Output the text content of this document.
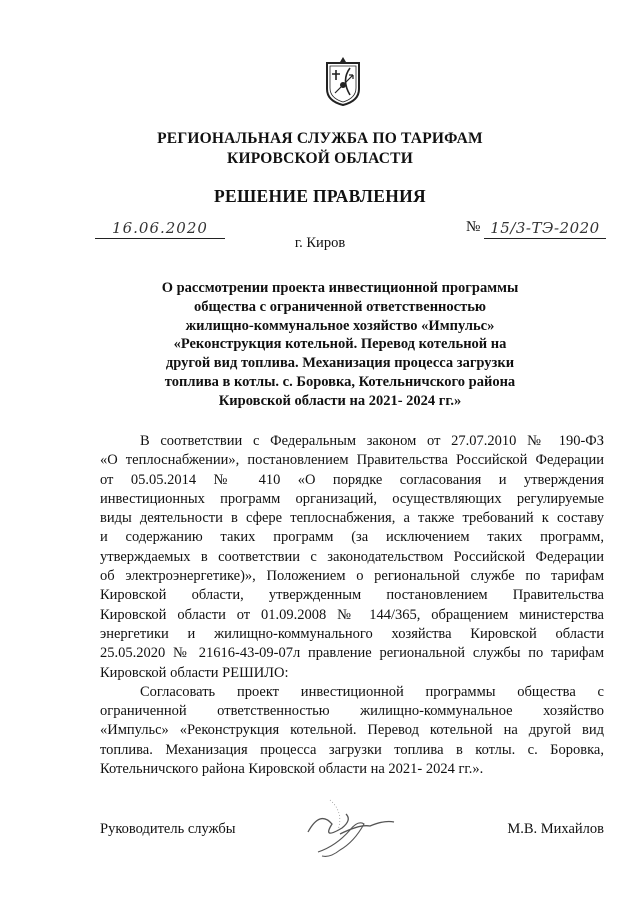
РЕГИОНАЛЬНАЯ СЛУЖБА ПО ТАРИФАМ
КИРОВСКОЙ ОБЛАСТИ
РЕШЕНИЕ ПРАВЛЕНИЯ
16.06.2020	№ 15/3-ТЭ-2020
г. Киров
О рассмотрении проекта инвестиционной программы
общества с ограниченной ответственностью
жилищно-коммунальное хозяйство «Импульс»
«Реконструкция котельной. Перевод котельной на
другой вид топлива. Механизация процесса загрузки
топлива в котлы. с. Боровка, Котельничского района
Кировской области на 2021- 2024 гг.»
В соответствии с Федеральным законом от 27.07.2010 № 190-ФЗ
«О теплоснабжении», постановлением Правительства Российской Федерации
от 05.05.2014 № 410 «О порядке согласования и утверждения
инвестиционных программ организаций, осуществляющих регулируемые
виды деятельности в сфере теплоснабжения, а также требований к составу
и содержанию таких программ (за исключением таких программ,
утверждаемых в соответствии с законодательством Российской Федерации
об электроэнергетике)», Положением о региональной службе по тарифам
Кировской области, утвержденным постановлением Правительства
Кировской области от 01.09.2008 № 144/365, обращением министерства
энергетики и жилищно-коммунального хозяйства Кировской области
25.05.2020 № 21616-43-09-07л правление региональной службы по тарифам
Кировской области РЕШИЛО:
Согласовать проект инвестиционной программы общества с
ограниченной ответственностью жилищно-коммунальное хозяйство
«Импульс» «Реконструкция котельной. Перевод котельной на другой вид
топлива. Механизация процесса загрузки топлива в котлы. с. Боровка,
Котельничского района Кировской области на 2021- 2024 гг.».
Руководитель службы	М.В. Михайлов
